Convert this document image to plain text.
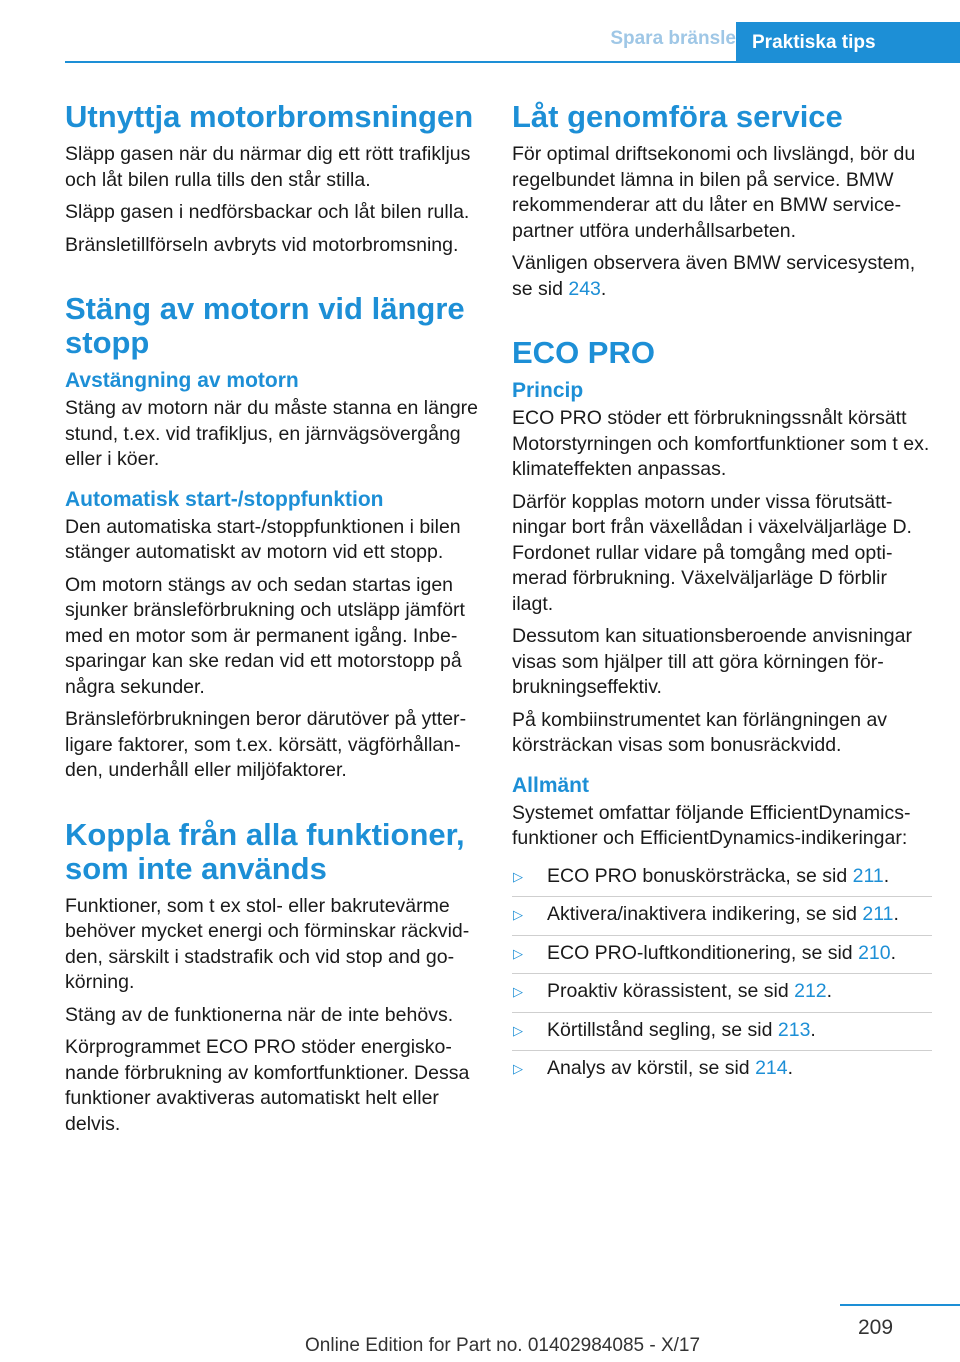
Spara bränsle Praktiska tips
Utnyttja motorbromsningen

Släpp gasen när du närmar dig ett rött trafikljus och låt bilen rulla tills den står stilla.

Släpp gasen i nedförsbackar och låt bilen rulla.

Bränsletillförseln avbryts vid motorbromsning.

Stäng av motorn vid längre stopp
Avstängning av motorn

Stäng av motorn när du måste stanna en längre stund, t.ex. vid trafikljus, en järnvägsövergång eller i köer.

Automatisk start-/stoppfunktion

Den automatiska start-/stoppfunktionen i bilen stänger automatiskt av motorn vid ett stopp.

Om motorn stängs av och sedan startas igen sjunker bränsleförbrukning och utsläpp jämfört med en motor som är permanent igång. Inbesparingar kan ske redan vid ett motorstopp på några sekunder.

Bränsleförbrukningen beror därutöver på ytterligare faktorer, som t.ex. körsätt, vägförhållanden, underhåll eller miljöfaktorer.

Koppla från alla funktioner, som inte används

Funktioner, som t ex stol- eller bakrutevärme behöver mycket energi och förminskar räckvidden, särskilt i stadstrafik och vid stop and go-körning.

Stäng av de funktionerna när de inte behövs.

Körprogrammet ECO PRO stöder energiskonande förbrukning av komfortfunktioner. Dessa funktioner avaktiveras automatiskt helt eller delvis.

Låt genomföra service

För optimal driftsekonomi och livslängd, bör du regelbundet lämna in bilen på service. BMW rekommenderar att du låter en BMW servicepartner utföra underhållsarbeten.

Vänligen observera även BMW servicesystem, se sid 243.

ECO PRO
Princip

ECO PRO stöder ett förbrukningssnålt körsätt Motorstyrningen och komfortfunktioner som t ex. klimateffekten anpassas.

Därför kopplas motorn under vissa förutsättningar bort från växellådan i växelväljarläge D. Fordonet rullar vidare på tomgång med optimerad förbrukning. Växelväljarläge D förblir ilagt.

Dessutom kan situationsberoende anvisningar visas som hjälper till att göra körningen förbrukningseffektiv.

På kombiinstrumentet kan förlängningen av körsträckan visas som bonusräckvidd.

Allmänt

Systemet omfattar följande EfficientDynamics-funktioner och EfficientDynamics-indikeringar:

▷	ECO PRO bonuskörsträcka, se sid 211.
▷	Aktivera/inaktivera indikering, se sid 211.
▷	ECO PRO-luftkonditionering, se sid 210.
▷	Proaktiv körassistent, se sid 212.
▷	Körtillstånd segling, se sid 213.
▷	Analys av körstil, se sid 214.
209
Online Edition for Part no. 01402984085 - X/17
